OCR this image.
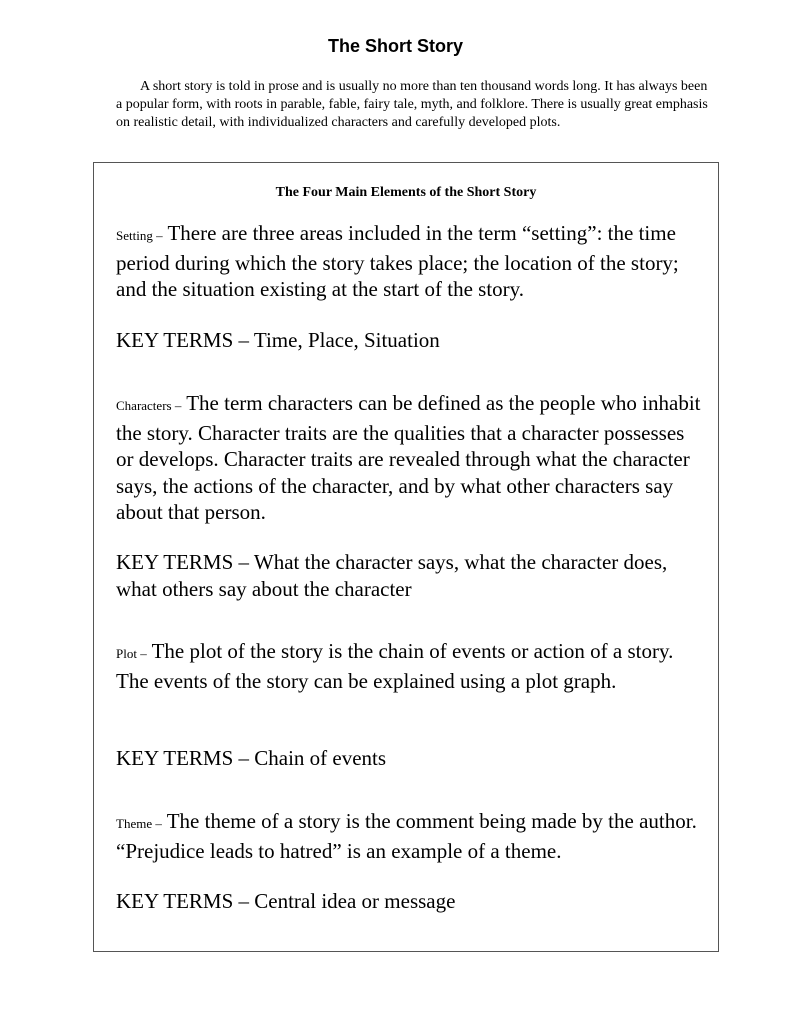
The Short Story

A short story is told in prose and is usually no more than ten thousand words long. It has always been a popular form, with roots in parable, fable, fairy tale, myth, and folklore. There is usually great emphasis on realistic detail, with individualized characters and carefully developed plots.

The Four Main Elements of the Short Story

Setting – There are three areas included in the term “setting”: the time period during which the story takes place; the location of the story; and the situation existing at the start of the story.

KEY TERMS – Time, Place, Situation

Characters – The term characters can be defined as the people who inhabit the story. Character traits are the qualities that a character possesses or develops. Character traits are revealed through what the character says, the actions of the character, and by what other characters say about that person.

KEY TERMS – What the character says, what the character does, what others say about the character

Plot – The plot of the story is the chain of events or action of a story. The events of the story can be explained using a plot graph.

KEY TERMS – Chain of events

Theme – The theme of a story is the comment being made by the author. “Prejudice leads to hatred” is an example of a theme.

KEY TERMS – Central idea or message
